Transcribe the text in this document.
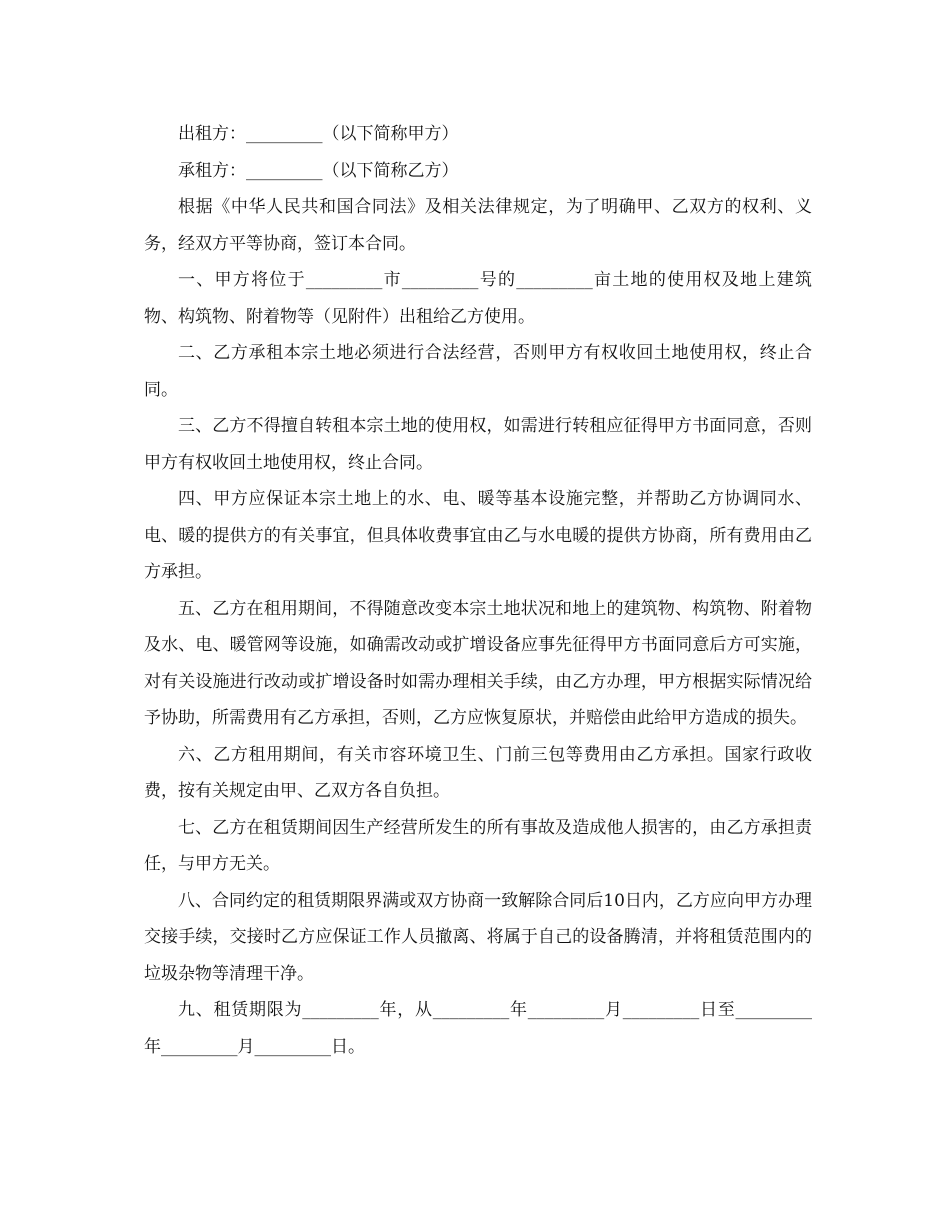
出租方：_________（以下简称甲方）

承租方：_________（以下简称乙方）

根据《中华人民共和国合同法》及相关法律规定，为了明确甲、乙双方的权利、义务，经双方平等协商，签订本合同。

一、甲方将位于_________市_________号的_________亩土地的使用权及地上建筑物、构筑物、附着物等（见附件）出租给乙方使用。

二、乙方承租本宗土地必须进行合法经营，否则甲方有权收回土地使用权，终止合同。

三、乙方不得擅自转租本宗土地的使用权，如需进行转租应征得甲方书面同意，否则甲方有权收回土地使用权，终止合同。

四、甲方应保证本宗土地上的水、电、暖等基本设施完整，并帮助乙方协调同水、电、暖的提供方的有关事宜，但具体收费事宜由乙与水电暖的提供方协商，所有费用由乙方承担。

五、乙方在租用期间，不得随意改变本宗土地状况和地上的建筑物、构筑物、附着物及水、电、暖管网等设施，如确需改动或扩增设备应事先征得甲方书面同意后方可实施，对有关设施进行改动或扩增设备时如需办理相关手续，由乙方办理，甲方根据实际情况给予协助，所需费用有乙方承担，否则，乙方应恢复原状，并赔偿由此给甲方造成的损失。

六、乙方租用期间，有关市容环境卫生、门前三包等费用由乙方承担。国家行政收费，按有关规定由甲、乙双方各自负担。

七、乙方在租赁期间因生产经营所发生的所有事故及造成他人损害的，由乙方承担责任，与甲方无关。

八、合同约定的租赁期限界满或双方协商一致解除合同后10日内，乙方应向甲方办理交接手续，交接时乙方应保证工作人员撤离、将属于自己的设备腾清，并将租赁范围内的垃圾杂物等清理干净。

九、租赁期限为_________年，从_________年_________月_________日至_________年_________月_________日。
